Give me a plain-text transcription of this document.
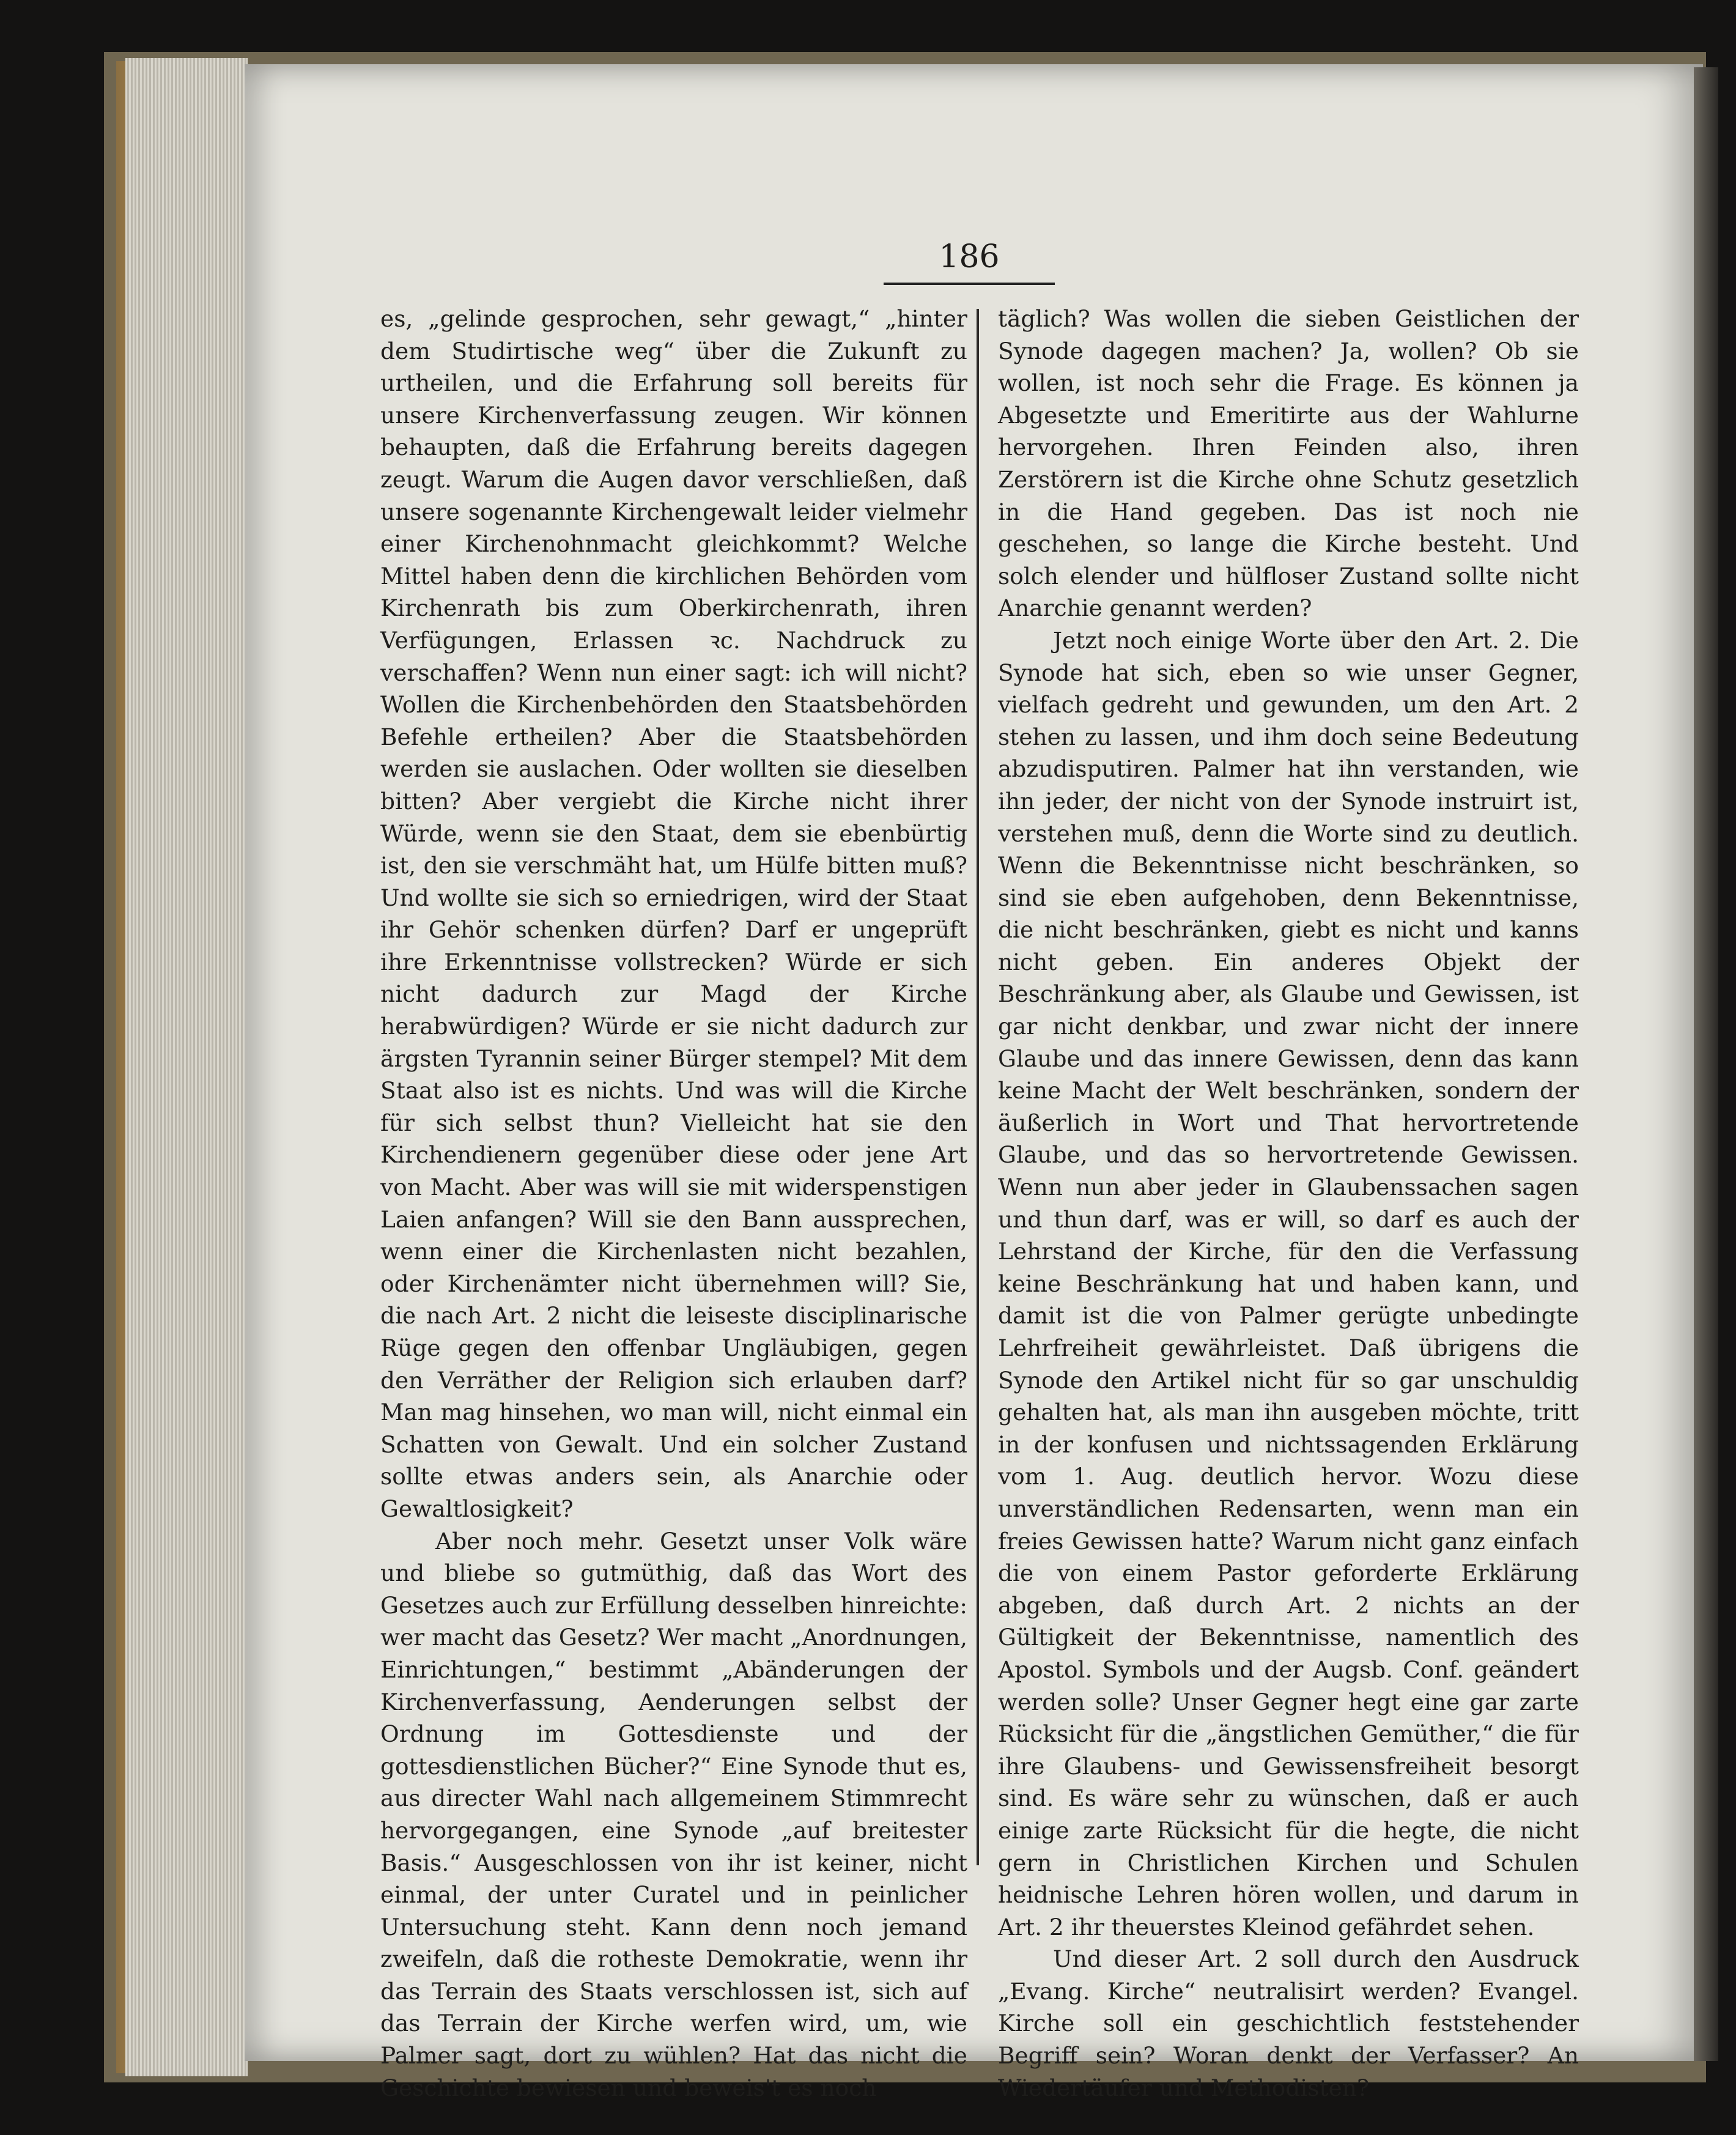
186

es, „gelinde gesprochen, sehr gewagt,“ „hinter dem Studirtische weg“ über die Zukunft zu urtheilen, und die Erfahrung soll bereits für unsere Kirchenverfassung zeugen. Wir können behaupten, daß die Erfahrung bereits dagegen zeugt. Warum die Augen davor verschließen, daß unsere sogenannte Kirchengewalt leider vielmehr einer Kirchenohnmacht gleichkommt? Welche Mittel haben denn die kirchlichen Behörden vom Kirchenrath bis zum Oberkirchenrath, ihren Verfügungen, Erlassen ꝛc. Nachdruck zu verschaffen? Wenn nun einer sagt: ich will nicht? Wollen die Kirchenbehörden den Staatsbehörden Befehle ertheilen? Aber die Staatsbehörden werden sie auslachen. Oder wollten sie dieselben bitten? Aber vergiebt die Kirche nicht ihrer Würde, wenn sie den Staat, dem sie ebenbürtig ist, den sie verschmäht hat, um Hülfe bitten muß? Und wollte sie sich so erniedrigen, wird der Staat ihr Gehör schenken dürfen? Darf er ungeprüft ihre Erkenntnisse vollstrecken? Würde er sich nicht dadurch zur Magd der Kirche herabwürdigen? Würde er sie nicht dadurch zur ärgsten Tyrannin seiner Bürger stempel? Mit dem Staat also ist es nichts. Und was will die Kirche für sich selbst thun? Vielleicht hat sie den Kirchendienern gegenüber diese oder jene Art von Macht. Aber was will sie mit widerspenstigen Laien anfangen? Will sie den Bann aussprechen, wenn einer die Kirchenlasten nicht bezahlen, oder Kirchenämter nicht übernehmen will? Sie, die nach Art. 2 nicht die leiseste disciplinarische Rüge gegen den offenbar Ungläubigen, gegen den Verräther der Religion sich erlauben darf? Man mag hinsehen, wo man will, nicht einmal ein Schatten von Gewalt. Und ein solcher Zustand sollte etwas anders sein, als Anarchie oder Gewaltlosigkeit?

Aber noch mehr. Gesetzt unser Volk wäre und bliebe so gutmüthig, daß das Wort des Gesetzes auch zur Erfüllung desselben hinreichte: wer macht das Gesetz? Wer macht „Anordnungen, Einrichtungen,“ bestimmt „Abänderungen der Kirchenverfassung, Aenderungen selbst der Ordnung im Gottesdienste und der gottesdienstlichen Bücher?“ Eine Synode thut es, aus directer Wahl nach allgemeinem Stimmrecht hervorgegangen, eine Synode „auf breitester Basis.“ Ausgeschlossen von ihr ist keiner, nicht einmal, der unter Curatel und in peinlicher Untersuchung steht. Kann denn noch jemand zweifeln, daß die rotheste Demokratie, wenn ihr das Terrain des Staats verschlossen ist, sich auf das Terrain der Kirche werfen wird, um, wie Palmer sagt, dort zu wühlen? Hat das nicht die Geschichte bewiesen und beweis't es noch

täglich? Was wollen die sieben Geistlichen der Synode dagegen machen? Ja, wollen? Ob sie wollen, ist noch sehr die Frage. Es können ja Abgesetzte und Emeritirte aus der Wahlurne hervorgehen. Ihren Feinden also, ihren Zerstörern ist die Kirche ohne Schutz gesetzlich in die Hand gegeben. Das ist noch nie geschehen, so lange die Kirche besteht. Und solch elender und hülfloser Zustand sollte nicht Anarchie genannt werden?

Jetzt noch einige Worte über den Art. 2. Die Synode hat sich, eben so wie unser Gegner, vielfach gedreht und gewunden, um den Art. 2 stehen zu lassen, und ihm doch seine Bedeutung abzudisputiren. Palmer hat ihn verstanden, wie ihn jeder, der nicht von der Synode instruirt ist, verstehen muß, denn die Worte sind zu deutlich. Wenn die Bekenntnisse nicht beschränken, so sind sie eben aufgehoben, denn Bekenntnisse, die nicht beschränken, giebt es nicht und kanns nicht geben. Ein anderes Objekt der Beschränkung aber, als Glaube und Gewissen, ist gar nicht denkbar, und zwar nicht der innere Glaube und das innere Gewissen, denn das kann keine Macht der Welt beschränken, sondern der äußerlich in Wort und That hervortretende Glaube, und das so hervortretende Gewissen. Wenn nun aber jeder in Glaubenssachen sagen und thun darf, was er will, so darf es auch der Lehrstand der Kirche, für den die Verfassung keine Beschränkung hat und haben kann, und damit ist die von Palmer gerügte unbedingte Lehrfreiheit gewährleistet. Daß übrigens die Synode den Artikel nicht für so gar unschuldig gehalten hat, als man ihn ausgeben möchte, tritt in der konfusen und nichtssagenden Erklärung vom 1. Aug. deutlich hervor. Wozu diese unverständlichen Redensarten, wenn man ein freies Gewissen hatte? Warum nicht ganz einfach die von einem Pastor geforderte Erklärung abgeben, daß durch Art. 2 nichts an der Gültigkeit der Bekenntnisse, namentlich des Apostol. Symbols und der Augsb. Conf. geändert werden solle? Unser Gegner hegt eine gar zarte Rücksicht für die „ängstlichen Gemüther,“ die für ihre Glaubens- und Gewissensfreiheit besorgt sind. Es wäre sehr zu wünschen, daß er auch einige zarte Rücksicht für die hegte, die nicht gern in Christlichen Kirchen und Schulen heidnische Lehren hören wollen, und darum in Art. 2 ihr theuerstes Kleinod gefährdet sehen.

Und dieser Art. 2 soll durch den Ausdruck „Evang. Kirche“ neutralisirt werden? Evangel. Kirche soll ein geschichtlich feststehender Begriff sein? Woran denkt der Verfasser? An Wiedertäufer und Methodisten?
